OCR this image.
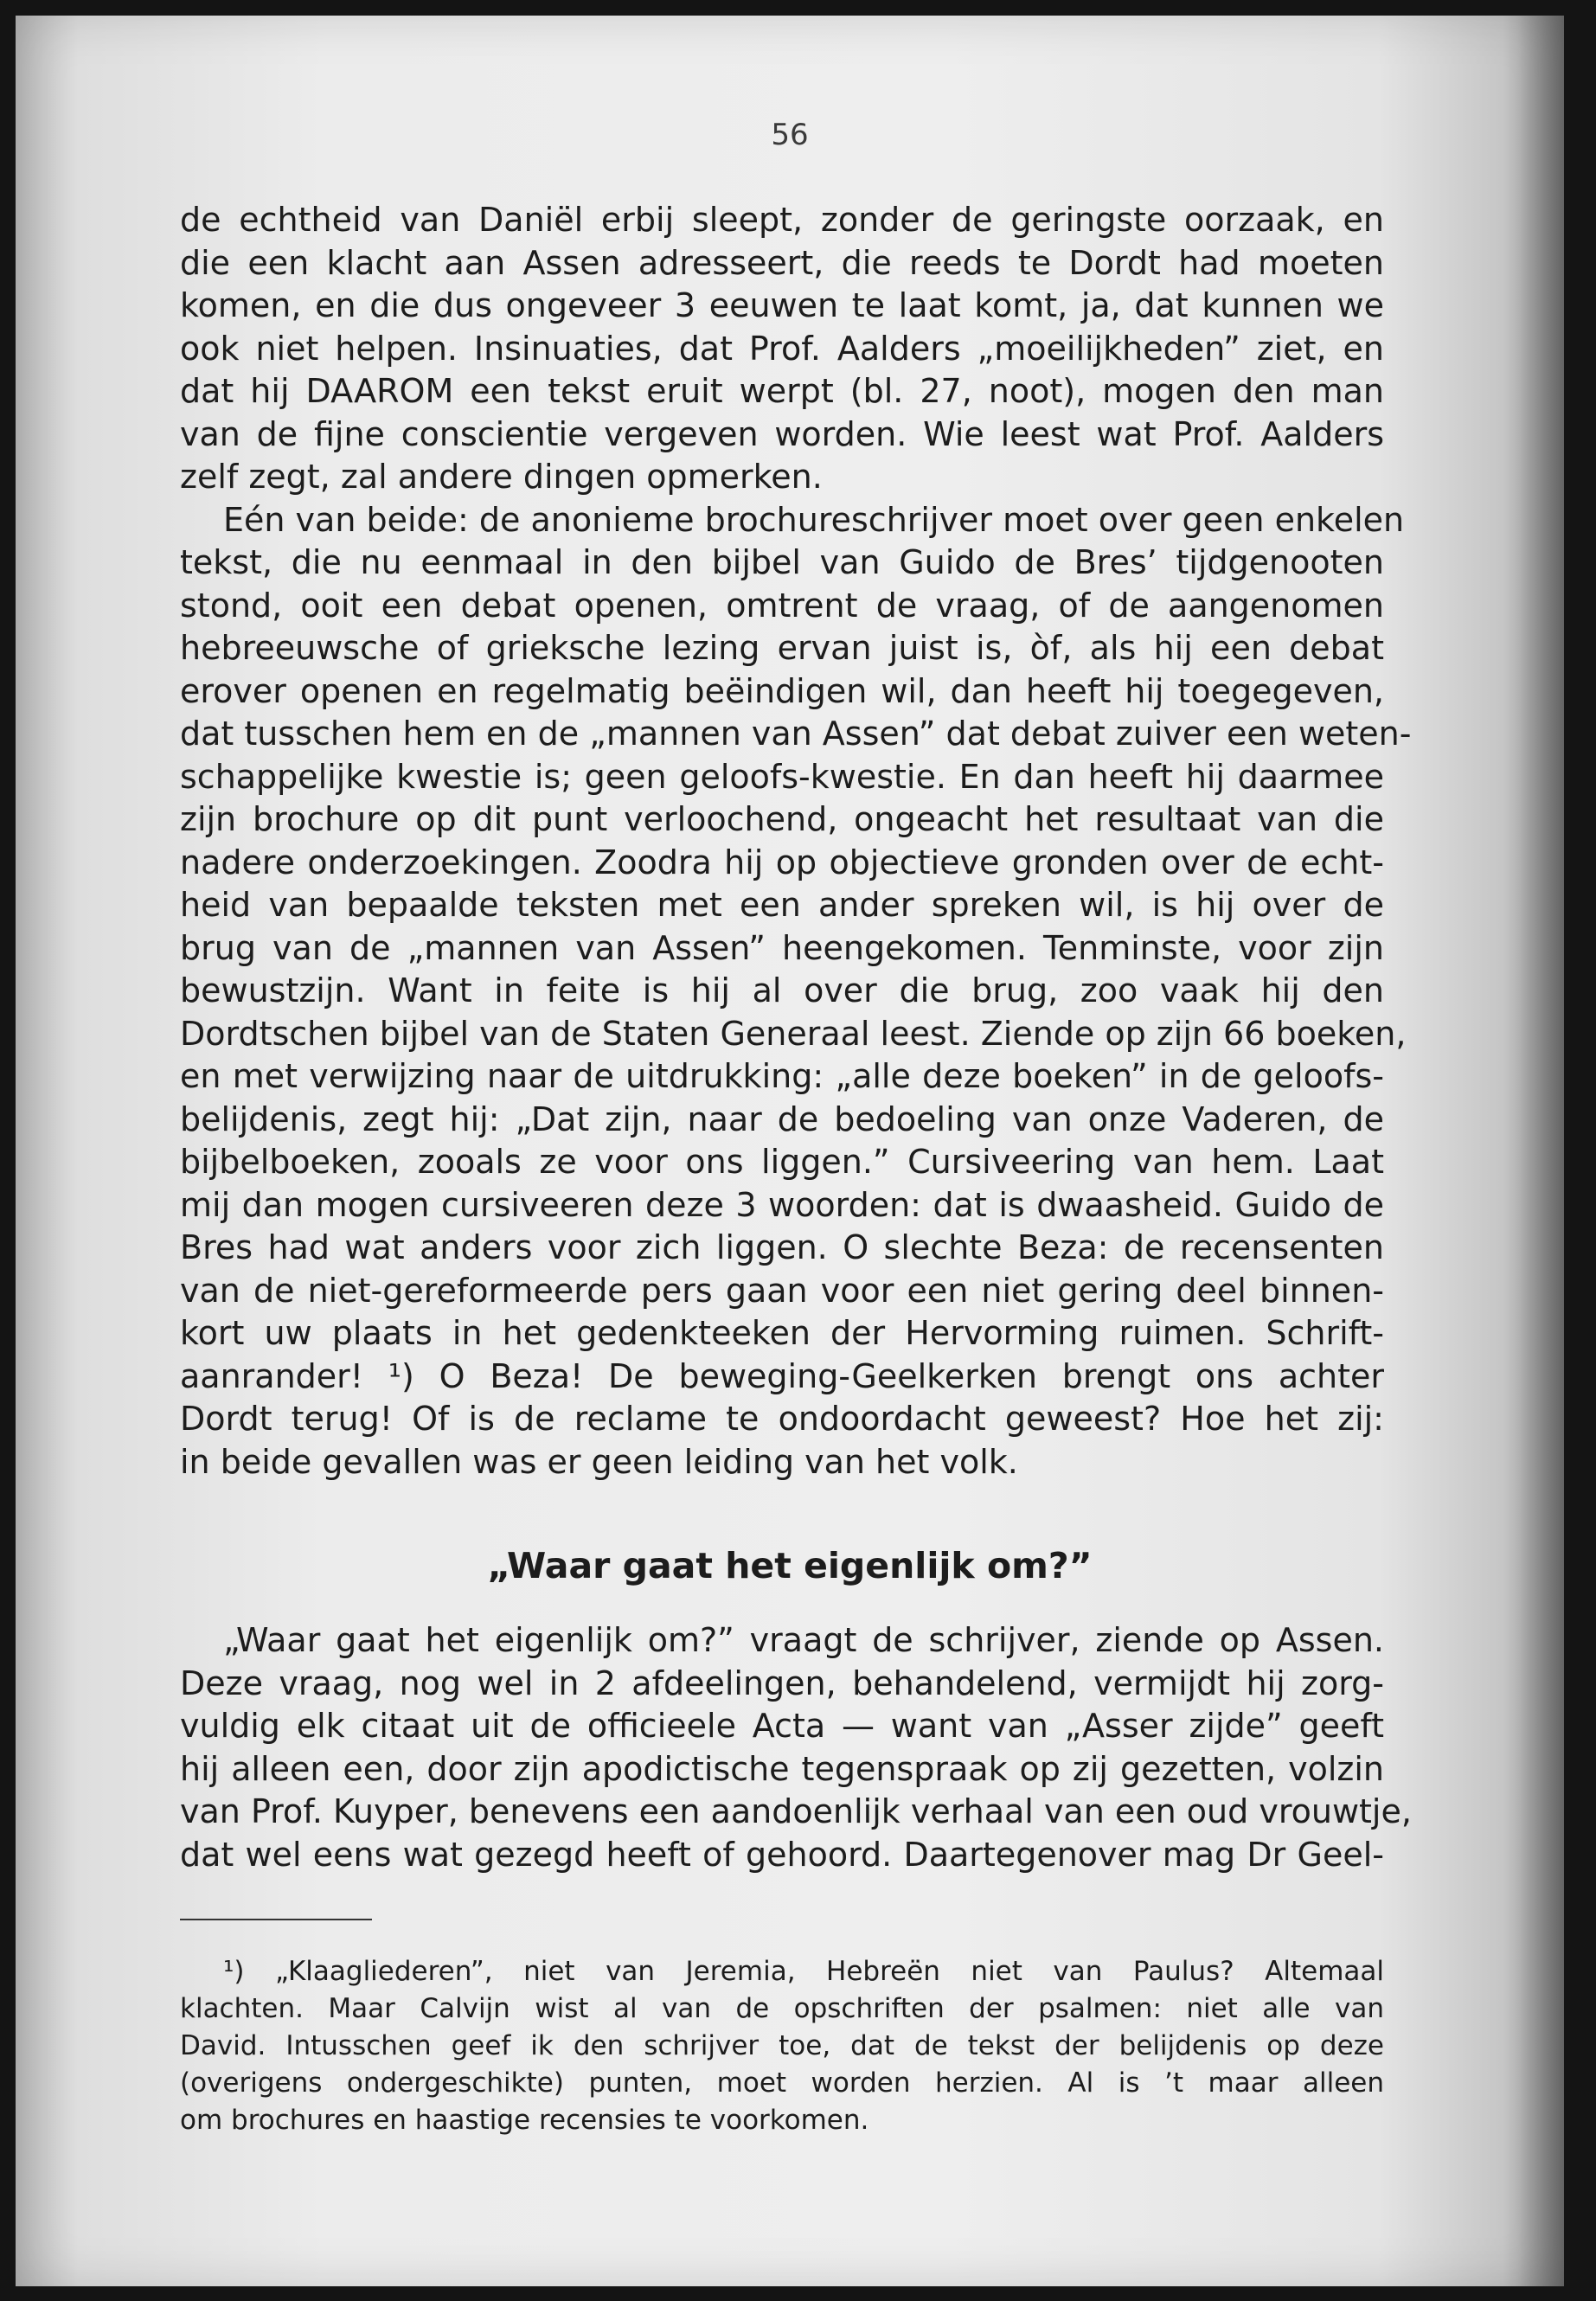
56

de echtheid van Daniël erbij sleept, zonder de geringste oorzaak, en

die een klacht aan Assen adresseert, die reeds te Dordt had moeten

komen, en die dus ongeveer 3 eeuwen te laat komt, ja, dat kunnen we

ook niet helpen. Insinuaties, dat Prof. Aalders „moeilijkheden” ziet, en

dat hij DAAROM een tekst eruit werpt (bl. 27, noot), mogen den man

van de fijne conscientie vergeven worden. Wie leest wat Prof. Aalders

zelf zegt, zal andere dingen opmerken.

Eén van beide: de anonieme brochureschrijver moet over geen enkelen

tekst, die nu eenmaal in den bijbel van Guido de Bres’ tijdgenooten

stond, ooit een debat openen, omtrent de vraag, of de aangenomen

hebreeuwsche of grieksche lezing ervan juist is, òf, als hij een debat

erover openen en regelmatig beëindigen wil, dan heeft hij toegegeven,

dat tusschen hem en de „mannen van Assen” dat debat zuiver een weten-

schappelijke kwestie is; geen geloofs-kwestie. En dan heeft hij daarmee

zijn brochure op dit punt verloochend, ongeacht het resultaat van die

nadere onderzoekingen. Zoodra hij op objectieve gronden over de echt-

heid van bepaalde teksten met een ander spreken wil, is hij over de

brug van de „mannen van Assen” heengekomen. Tenminste, voor zijn

bewustzijn. Want in feite is hij al over die brug, zoo vaak hij den

Dordtschen bijbel van de Staten Generaal leest. Ziende op zijn 66 boeken,

en met verwijzing naar de uitdrukking: „alle deze boeken” in de geloofs-

belijdenis, zegt hij: „Dat zijn, naar de bedoeling van onze Vaderen, de

bijbelboeken, zooals ze voor ons liggen.” Cursiveering van hem. Laat

mij dan mogen cursiveeren deze 3 woorden: dat is dwaasheid. Guido de

Bres had wat anders voor zich liggen. O slechte Beza: de recensenten

van de niet-gereformeerde pers gaan voor een niet gering deel binnen-

kort uw plaats in het gedenkteeken der Hervorming ruimen. Schrift-

aanrander! ¹) O Beza! De beweging-Geelkerken brengt ons achter

Dordt terug! Of is de reclame te ondoordacht geweest? Hoe het zij:

in beide gevallen was er geen leiding van het volk.

„Waar gaat het eigenlijk om?”

„Waar gaat het eigenlijk om?” vraagt de schrijver, ziende op Assen.

Deze vraag, nog wel in 2 afdeelingen, behandelend, vermijdt hij zorg-

vuldig elk citaat uit de officieele Acta — want van „Asser zijde” geeft

hij alleen een, door zijn apodictische tegenspraak op zij gezetten, volzin

van Prof. Kuyper, benevens een aandoenlijk verhaal van een oud vrouwtje,

dat wel eens wat gezegd heeft of gehoord. Daartegenover mag Dr Geel-

¹) „Klaagliederen”, niet van Jeremia, Hebreën niet van Paulus? Altemaal

klachten. Maar Calvijn wist al van de opschriften der psalmen: niet alle van

David. Intusschen geef ik den schrijver toe, dat de tekst der belijdenis op deze

(overigens ondergeschikte) punten, moet worden herzien. Al is ’t maar alleen

om brochures en haastige recensies te voorkomen.
